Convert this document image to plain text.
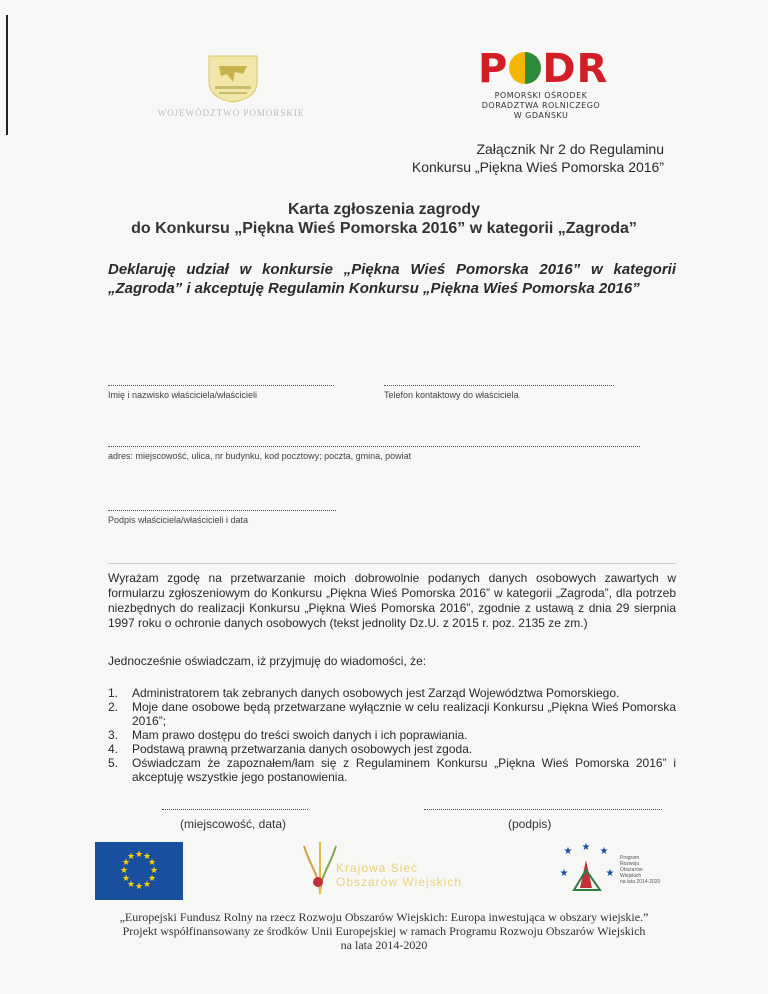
WOJEWÓDZTWO POMORSKIE
P DR
POMORSKI OŚRODEK
DORADZTWA ROLNICZEGO
W GDAŃSKU
Załącznik Nr 2 do Regulaminu
Konkursu „Piękna Wieś Pomorska 2016”
Karta zgłoszenia zagrody
do Konkursu „Piękna Wieś Pomorska 2016” w kategorii „Zagroda”
Deklaruję udział w konkursie „Piękna Wieś Pomorska 2016” w kategorii „Zagroda” i akceptuję Regulamin Konkursu „Piękna Wieś Pomorska 2016”
Imię i nazwisko właściciela/właścicieli	Telefon kontaktowy do właściciela
adres: miejscowość, ulica, nr budynku, kod pocztowy; poczta, gmina, powiat
Podpis właściciela/właścicieli i data
Wyrażam zgodę na przetwarzanie moich dobrowolnie podanych danych osobowych zawartych w formularzu zgłoszeniowym do Konkursu „Piękna Wieś Pomorska 2016” w kategorii „Zagroda”, dla potrzeb niezbędnych do realizacji Konkursu „Piękna Wieś Pomorska 2016”, zgodnie z ustawą z dnia 29 sierpnia 1997 roku o ochronie danych osobowych (tekst jednolity Dz.U. z 2015 r. poz. 2135 ze zm.)
Jednocześnie oświadczam, iż przyjmuję do wiadomości, że:
1. Administratorem tak zebranych danych osobowych jest Zarząd Województwa Pomorskiego.
2. Moje dane osobowe będą przetwarzane wyłącznie w celu realizacji Konkursu „Piękna Wieś Pomorska 2016”;
3. Mam prawo dostępu do treści swoich danych i ich poprawiania.
4. Podstawą prawną przetwarzania danych osobowych jest zgoda.
5. Oświadczam że zapoznałem/łam się z Regulaminem Konkursu „Piękna Wieś Pomorska 2016” i akceptuję wszystkie jego postanowienia.
(miejscowość, data)	(podpis)
★ ★
★
★
★
★
★
★
★
★
★
★
Krajowa Sieć
Obszarów Wiejskich
★ ★ ★
★	★
Program
Rozwoju
Obszarów
Wiejskich
na lata 2014-2020
„Europejski Fundusz Rolny na rzecz Rozwoju Obszarów Wiejskich: Europa inwestująca w obszary wiejskie.”
Projekt współfinansowany ze środków Unii Europejskiej w ramach Programu Rozwoju Obszarów Wiejskich
na lata 2014-2020
